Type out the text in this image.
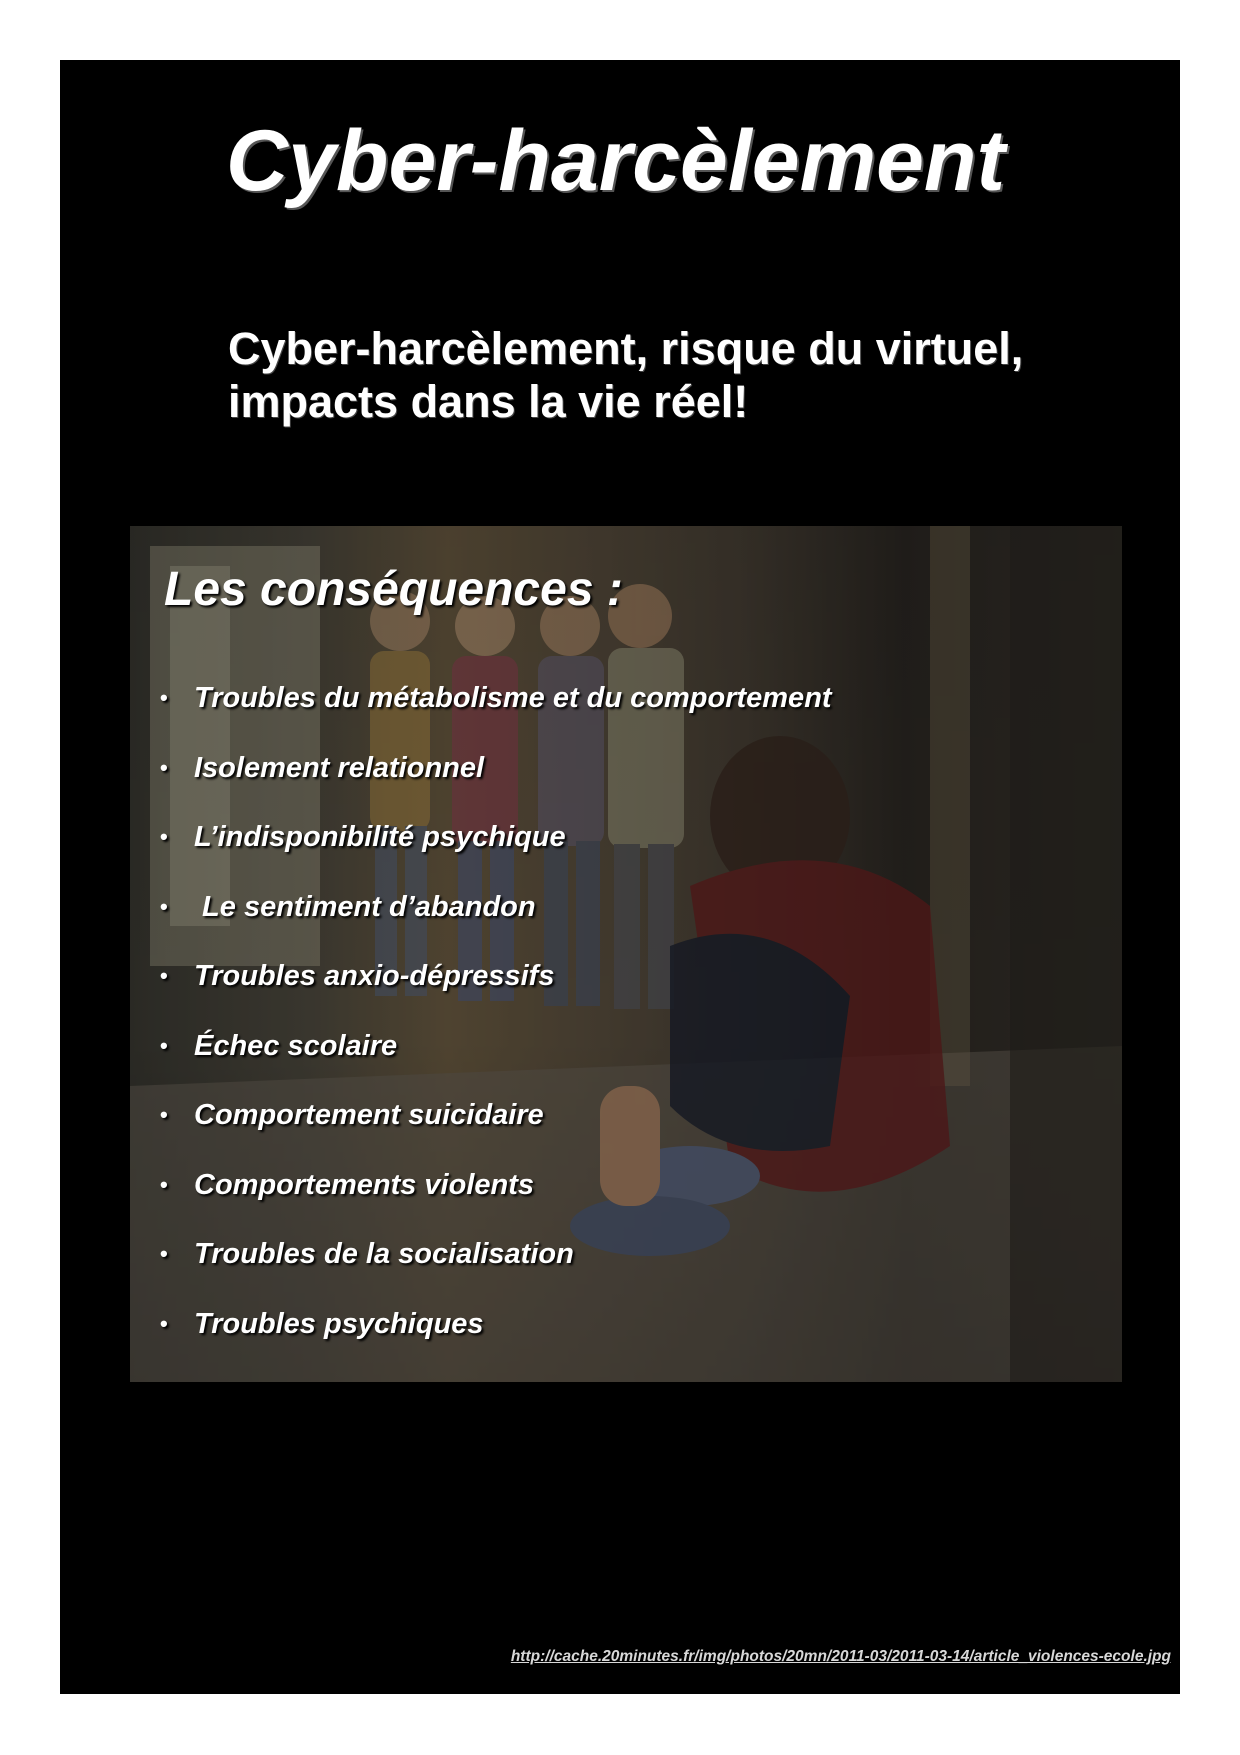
Cyber-harcèlement
Cyber-harcèlement, risque du virtuel,
impacts dans la vie réel!
Les conséquences :
• Troubles du métabolisme et du comportement
• Isolement relationnel
• L’indisponibilité psychique
• Le sentiment d’abandon
• Troubles anxio-dépressifs
• Échec scolaire
• Comportement suicidaire
• Comportements violents
• Troubles de la socialisation
• Troubles psychiques
http://cache.20minutes.fr/img/photos/20mn/2011-03/2011-03-14/article_violences-ecole.jpg
